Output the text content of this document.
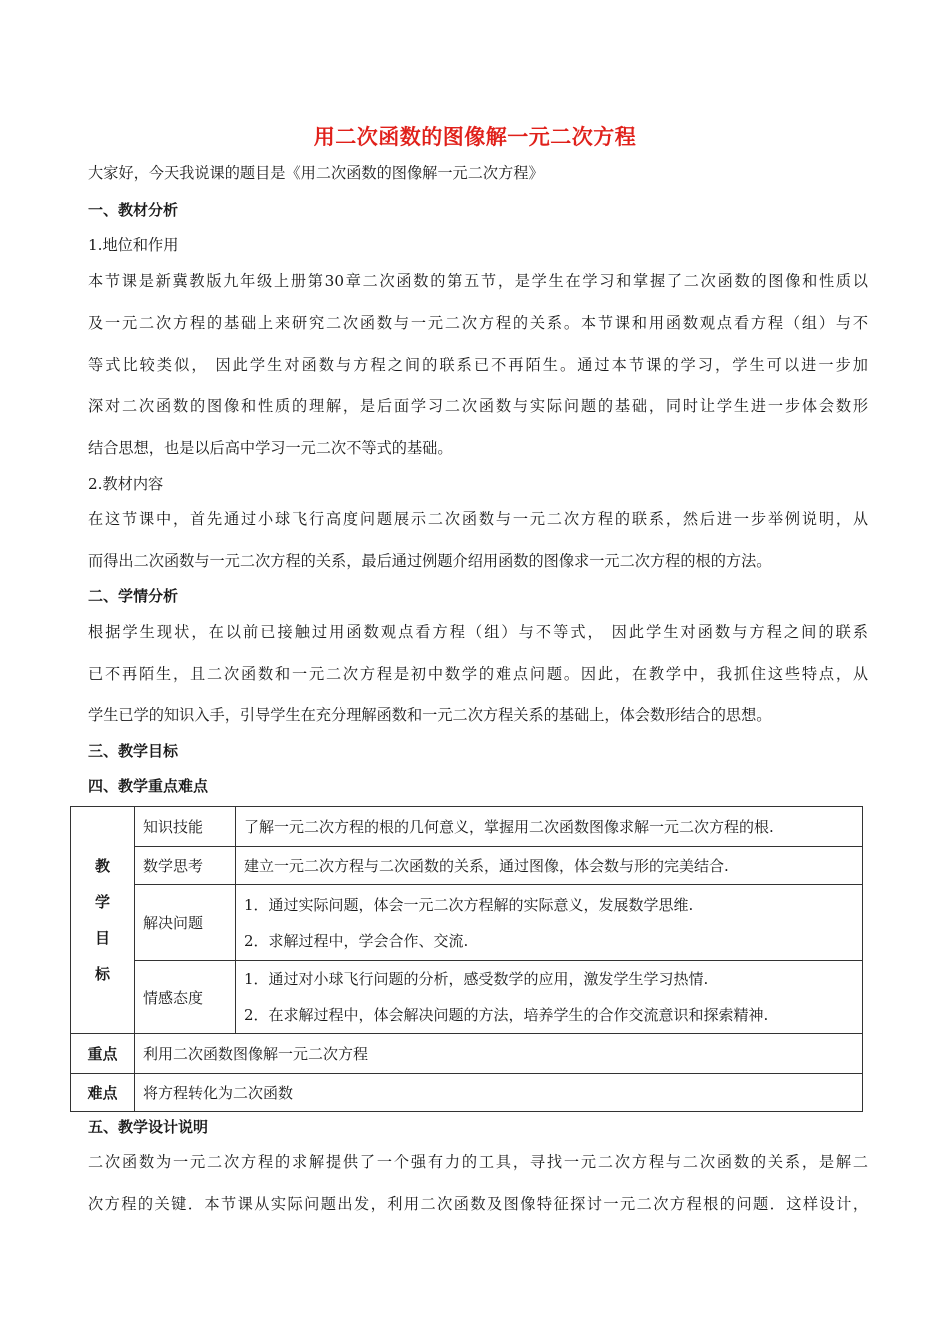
用二次函数的图像解一元二次方程
大家好，今天我说课的题目是《用二次函数的图像解一元二次方程》
一、教材分析
1.地位和作用
本节课是新冀教版九年级上册第30章二次函数的第五节，是学生在学习和掌握了二次函数的图像和性质以
及一元二次方程的基础上来研究二次函数与一元二次方程的关系。本节课和用函数观点看方程（组）与不
等式比较类似， 因此学生对函数与方程之间的联系已不再陌生。通过本节课的学习，学生可以进一步加
深对二次函数的图像和性质的理解，是后面学习二次函数与实际问题的基础，同时让学生进一步体会数形
结合思想，也是以后高中学习一元二次不等式的基础。
2.教材内容
在这节课中，首先通过小球飞行高度问题展示二次函数与一元二次方程的联系，然后进一步举例说明，从
而得出二次函数与一元二次方程的关系，最后通过例题介绍用函数的图像求一元二次方程的根的方法。
二、学情分析
根据学生现状，在以前已接触过用函数观点看方程（组）与不等式， 因此学生对函数与方程之间的联系
已不再陌生，且二次函数和一元二次方程是初中数学的难点问题。因此，在教学中，我抓住这些特点，从
学生已学的知识入手，引导学生在充分理解函数和一元二次方程关系的基础上，体会数形结合的思想。
三、教学目标
四、教学重点难点
教
学
目
标	知识技能	了解一元二次方程的根的几何意义，掌握用二次函数图像求解一元二次方程的根.
	数学思考	建立一元二次方程与二次函数的关系，通过图像，体会数与形的完美结合.
	解决问题	1．通过实际问题，体会一元二次方程解的实际意义，发展数学思维.
2．求解过程中，学会合作、交流.

	情感态度	1．通过对小球飞行问题的分析，感受数学的应用，激发学生学习热情.
2．在求解过程中，体会解决问题的方法，培养学生的合作交流意识和探索精神.

重点	利用二次函数图像解一元二次方程	
难点	将方程转化为二次函数	
五、教学设计说明
二次函数为一元二次方程的求解提供了一个强有力的工具，寻找一元二次方程与二次函数的关系，是解二
次方程的关键．本节课从实际问题出发，利用二次函数及图像特征探讨一元二次方程根的问题．这样设计，
